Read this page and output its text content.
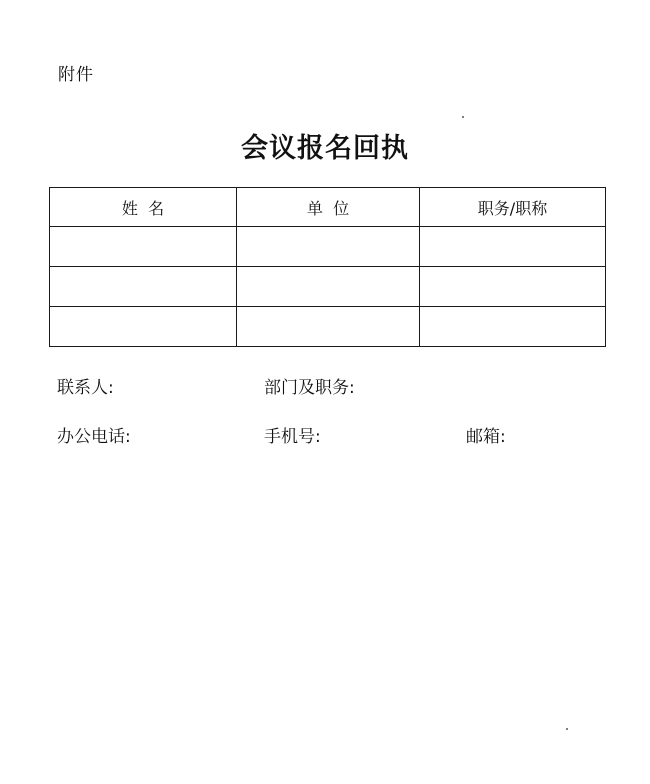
附件
会议报名回执
姓  名	单  位	职务/职称

联系人:	部门及职务:
办公电话:	手机号:	邮箱:
